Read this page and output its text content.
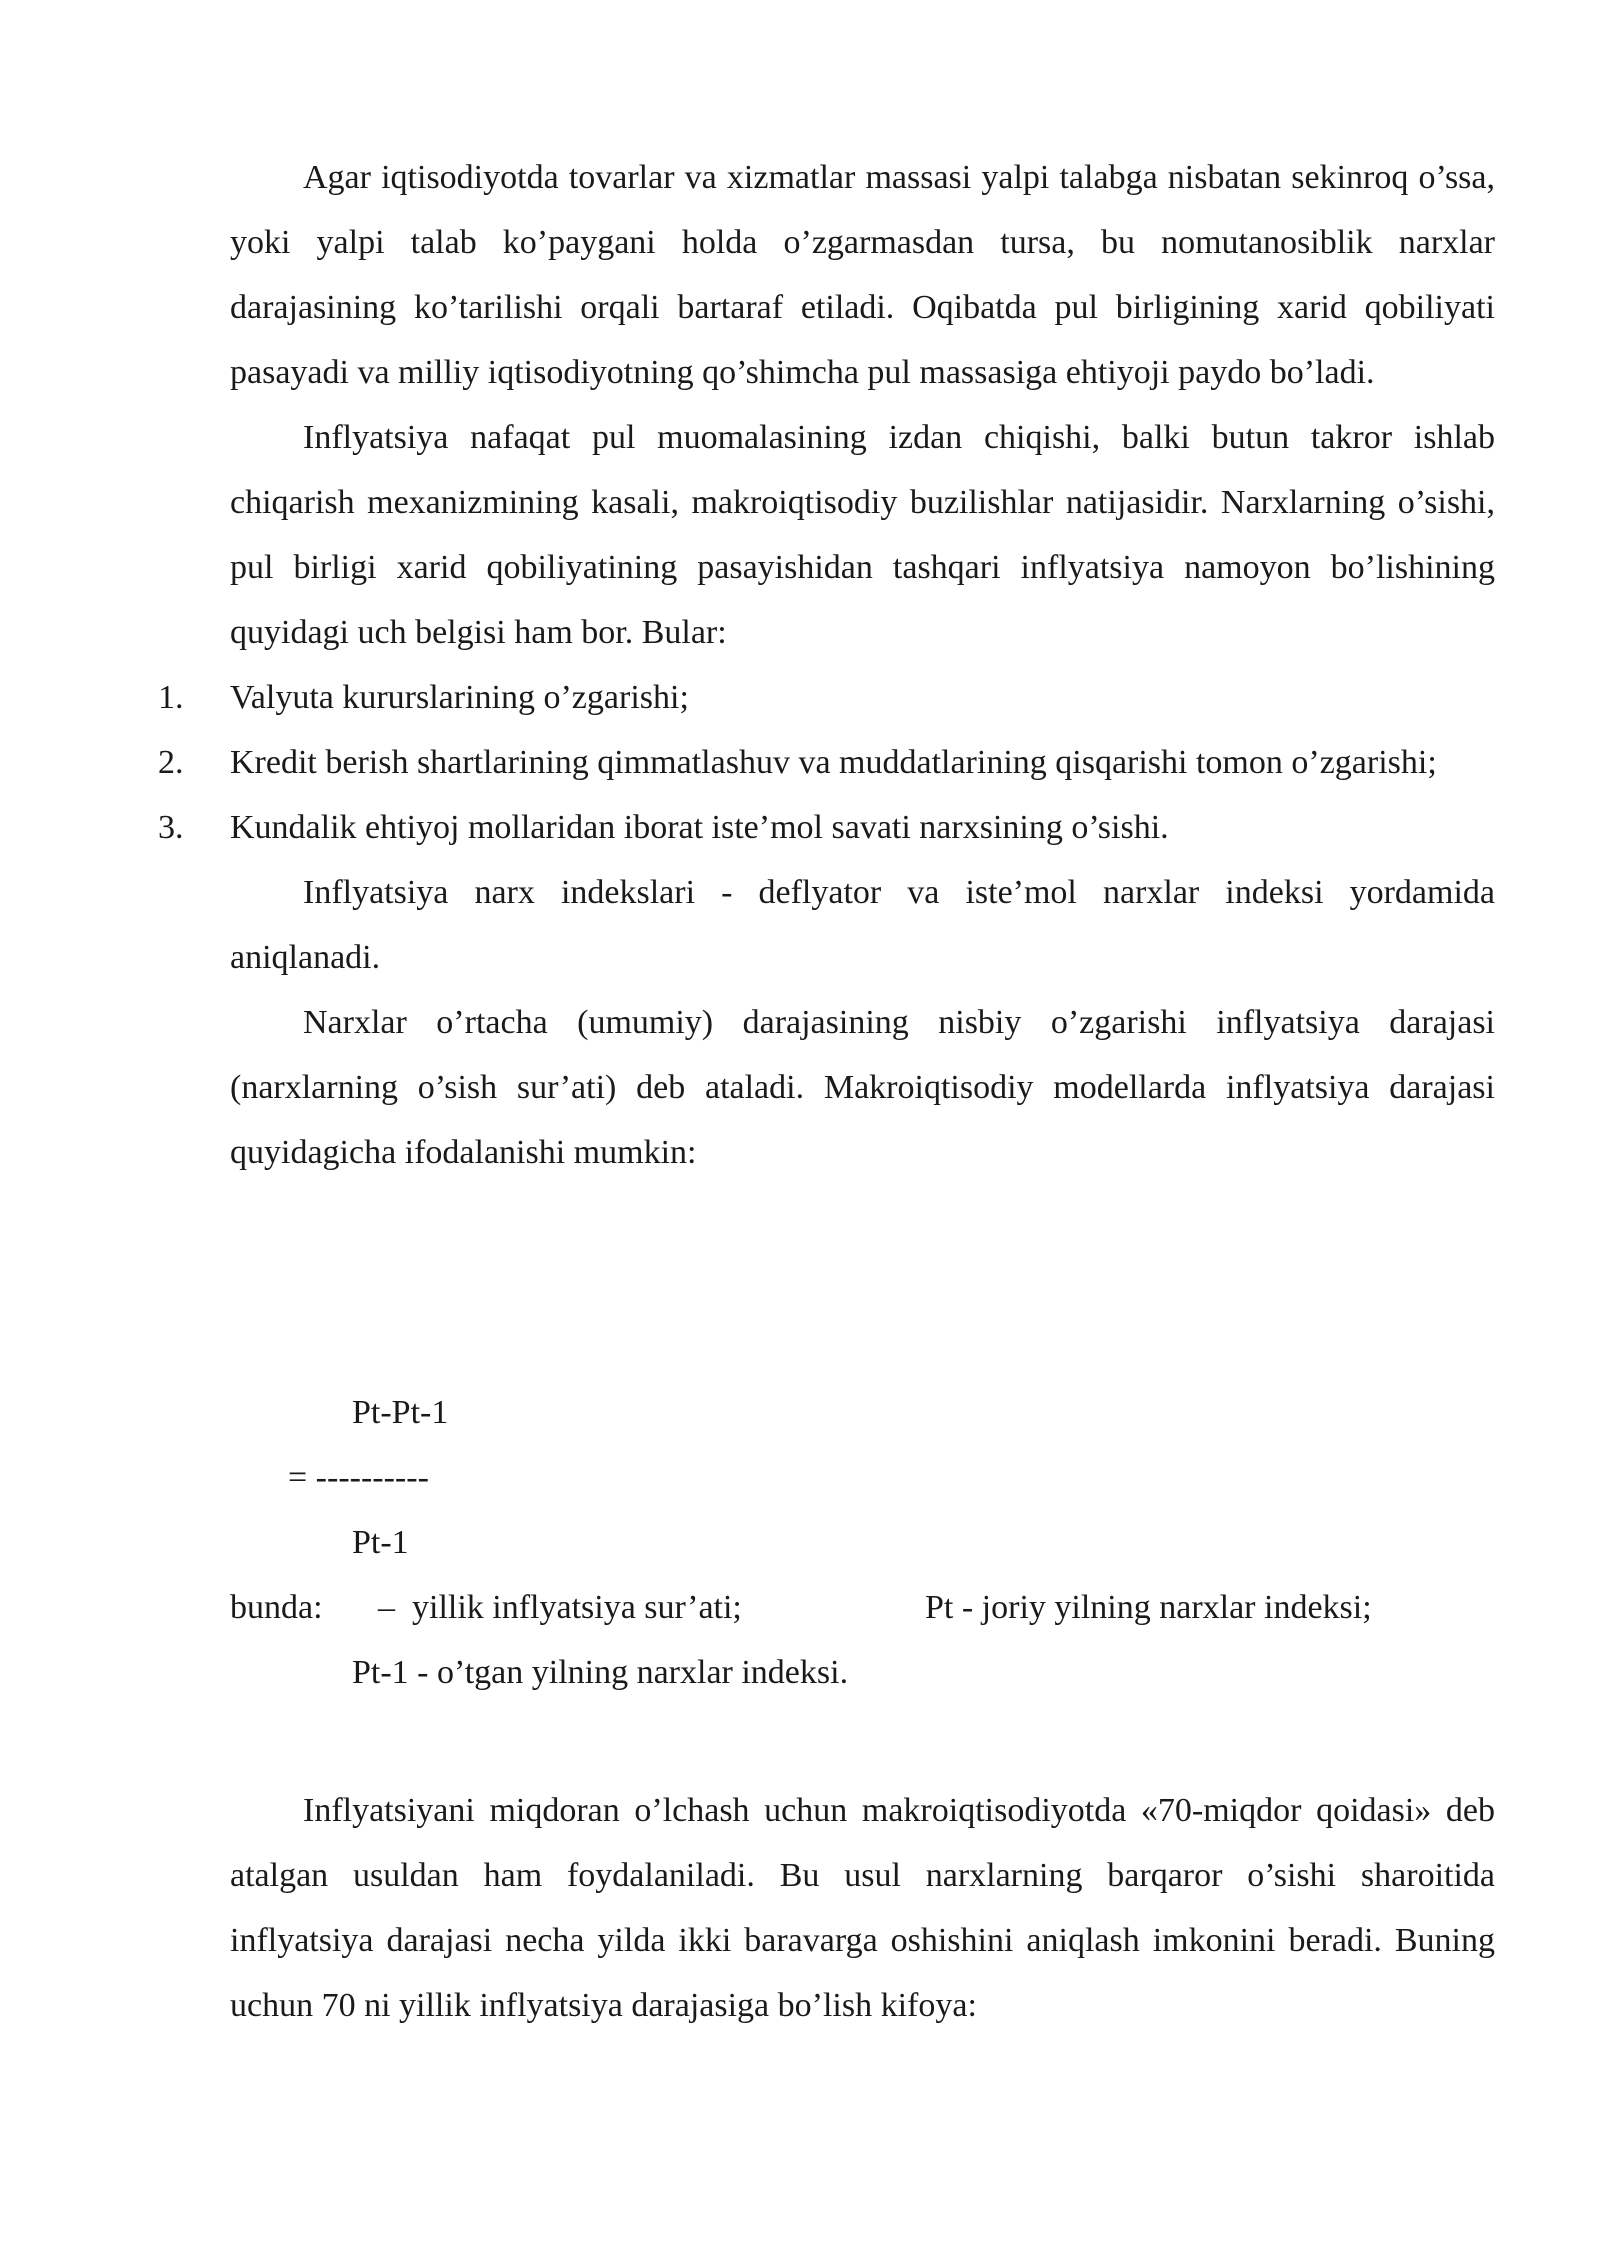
Agar iqtisodiyotda tovarlar va xizmatlar massasi yalpi talabga nisbatan sekinroq o’ssa, yoki yalpi talab ko’paygani holda o’zgarmasdan tursa, bu nomutanosiblik narxlar darajasining ko’tarilishi orqali bartaraf etiladi. Oqibatda pul birligining xarid qobiliyati pasayadi va milliy iqtisodiyotning qo’shimcha pul massasiga ehtiyoji paydo bo’ladi.

Inflyatsiya nafaqat pul muomalasining izdan chiqishi, balki butun takror ishlab chiqarish mexanizmining kasali, makroiqtisodiy buzilishlar natijasidir. Narxlarning o’sishi, pul birligi xarid qobiliyatining pasayishidan tashqari inflyatsiya namoyon bo’lishining quyidagi uch belgisi ham bor. Bular:

1. Valyuta kururslarining o’zgarishi;
2. Kredit berish shartlarining qimmatlashuv va muddatlarining qisqarishi tomon o’zgarishi;
3. Kundalik ehtiyoj mollaridan iborat iste’mol savati narxsining o’sishi.

Inflyatsiya narx indekslari - deflyator va iste’mol narxlar indeksi yordamida aniqlanadi.

Narxlar o’rtacha (umumiy) darajasining nisbiy o’zgarishi inflyatsiya darajasi (narxlarning o’sish sur’ati) deb ataladi. Makroiqtisodiy modellarda inflyatsiya darajasi quyidagicha ifodalanishi mumkin:

Pt-Pt-1
= ----------
Pt-1
bunda: –  yillik inflyatsiya sur’ati;	Pt - joriy yilning narxlar indeksi;
Pt-1 - o’tgan yilning narxlar indeksi.

Inflyatsiyani miqdoran o’lchash uchun makroiqtisodiyotda «70-miqdor qoidasi» deb atalgan usuldan ham foydalaniladi. Bu usul narxlarning barqaror o’sishi sharoitida inflyatsiya darajasi necha yilda ikki baravarga oshishini aniqlash imkonini beradi. Buning uchun 70 ni yillik inflyatsiya darajasiga bo’lish kifoya:
